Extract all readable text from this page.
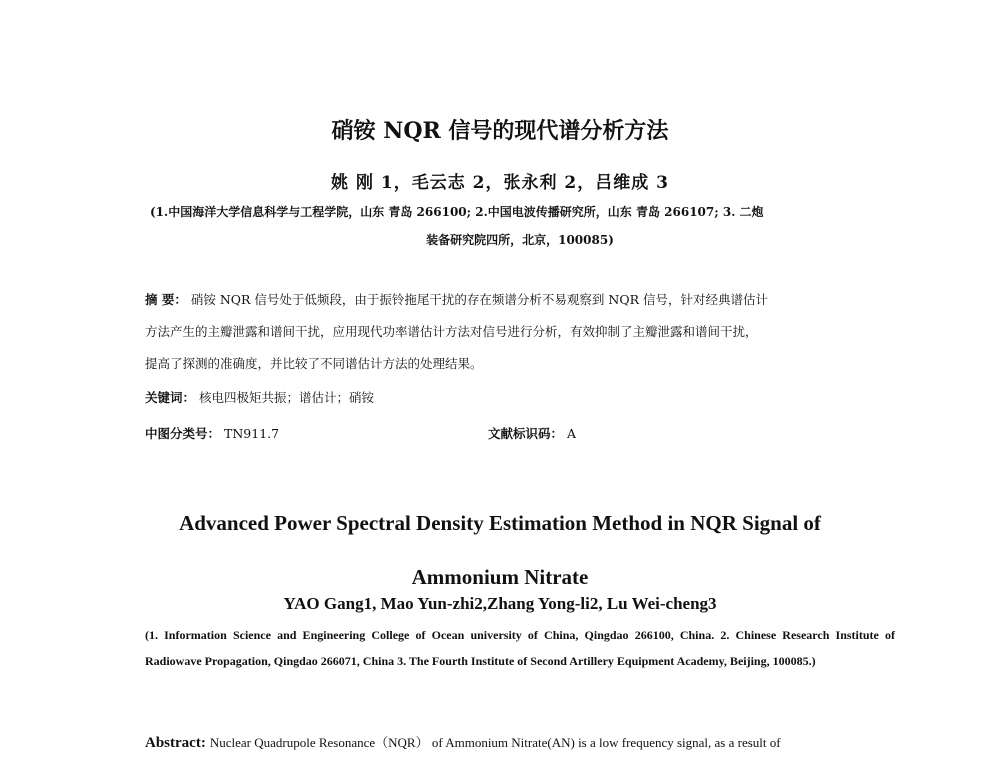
硝铵 NQR 信号的现代谱分析方法
姚 刚 1，毛云志 2，张永利 2，吕维成 3
(1.中国海洋大学信息科学与工程学院，山东 青岛 266100; 2.中国电波传播研究所，山东 青岛 266107; 3. 二炮
装备研究院四所，北京，100085)
摘 要： 硝铵 NQR 信号处于低频段，由于振铃拖尾干扰的存在频谱分析不易观察到 NQR 信号，针对经典谱估计
方法产生的主瓣泄露和谱间干扰，应用现代功率谱估计方法对信号进行分析，有效抑制了主瓣泄露和谱间干扰，
提高了探测的准确度，并比较了不同谱估计方法的处理结果。
关键词： 核电四极矩共振；谱估计；硝铵
中图分类号： TN911.7	文献标识码： A
Advanced Power Spectral Density Estimation Method in NQR Signal of
Ammonium Nitrate
YAO Gang1, Mao Yun-zhi2,Zhang Yong-li2, Lu Wei-cheng3
(1. Information Science and Engineering College of Ocean university of China, Qingdao 266100, China. 2. Chinese Research Institute of Radiowave Propagation, Qingdao 266071, China 3. The Fourth Institute of Second Artillery Equipment Academy, Beijing, 100085.)
Abstract: Nuclear Quadrupole Resonance（NQR） of Ammonium Nitrate(AN) is a low frequency signal, as a result of
